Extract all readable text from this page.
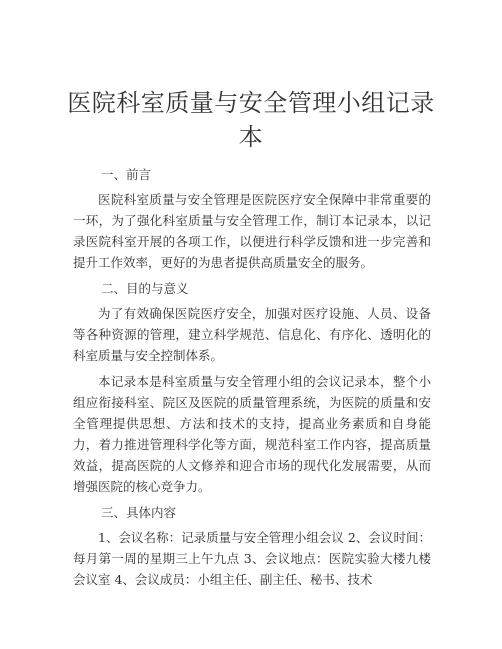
医院科室质量与安全管理小组记录本

一、前言

医院科室质量与安全管理是医院医疗安全保障中非常重要的一环，为了强化科室质量与安全管理工作，制订本记录本，以记录医院科室开展的各项工作，以便进行科学反馈和进一步完善和提升工作效率，更好的为患者提供高质量安全的服务。

二、目的与意义

为了有效确保医院医疗安全，加强对医疗设施、人员、设备等各种资源的管理，建立科学规范、信息化、有序化、透明化的科室质量与安全控制体系。

本记录本是科室质量与安全管理小组的会议记录本，整个小组应衔接科室、院区及医院的质量管理系统，为医院的质量和安全管理提供思想、方法和技术的支持，提高业务素质和自身能力，着力推进管理科学化等方面，规范科室工作内容，提高质量效益，提高医院的人文修养和迎合市场的现代化发展需要，从而增强医院的核心竞争力。

三、具体内容

1、会议名称：记录质量与安全管理小组会议 2、会议时间：每月第一周的星期三上午九点 3、会议地点：医院实验大楼九楼会议室 4、会议成员：小组主任、副主任、秘书、技术
